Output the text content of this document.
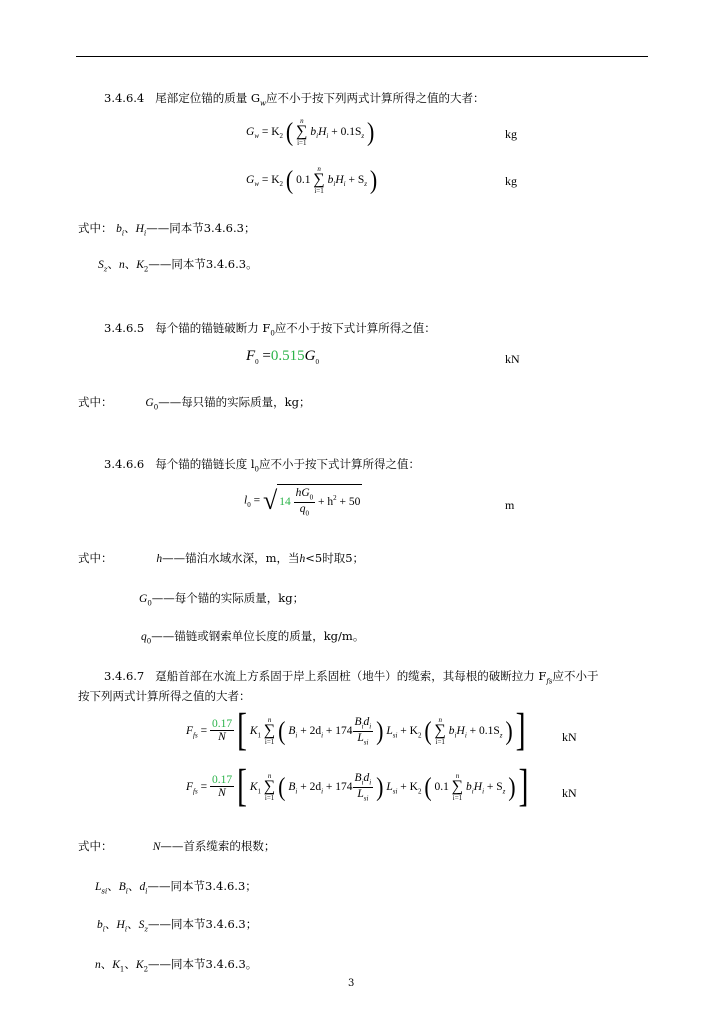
3.4.6.4 尾部定位锚的质量 $G_w$应不小于按下列两式计算所得之值的大者：
$G_w = K_2$ ( n
∑
i=1 $b_iH_i + 0.1S_z$ )	kg
$G_w = K_2$ ( 0.1 n
∑
i=1 $b_iH_i + S_z$ )	kg
式中： $b_i$、$H_i——$同本节3.4.6.3；
$S_z$、n、$K_2——$同本节3.4.6.3。
3.4.6.5 每个锚的锚链破断力 $F_0$应不小于按下式计算所得之值：
$F_0 =0.515G_0$	kN
式中：	$G_0——$每只锚的实际质量，kg；
3.4.6.6 每个锚的锚链长度 $l_0$应不小于按下式计算所得之值：
$l_0$ = √ $14 \frac{hG_0}{q_0} + h^2 + 50$	m
式中：	h——锚泊水域水深，m，当h<5时取5；
$G_0——$每个锚的实际质量，kg；
$q_0——$锚链或钢索单位长度的质量，kg/m。
3.4.6.7 趸船首部在水流上方系固于岸上系固桩（地牛）的缆索，其每根的破断拉力 $F_{fs}$应不小于
按下列两式计算所得之值的大者：
$F_{fs} = \frac{0.17}{N}$ [ $K_1$ n
∑
i=1 ( $B_i + 2d_i + 174 \frac{B_id_i}{L_{si}}$ ) $L_{si} + K_2$ ( n
∑
i=1 $b_iH_i + 0.1S_z$ ) ]	kN
$F_{fs} = \frac{0.17}{N}$ [ $K_1$ n
∑
i=1 ( $B_i + 2d_i + 174 \frac{B_id_i}{L_{si}}$ ) $L_{si} + K_2$ ( 0.1 n
∑
i=1 $b_iH_i + S_z$ ) ]	kN
式中：	N——首系缆索的根数；
$L_{si}$、$B_i$、$d_i——$同本节3.4.6.3；
$b_i$、$H_i$、$S_z——$同本节3.4.6.3；
n、$K_1$、$K_2——$同本节3.4.6.3。
3
